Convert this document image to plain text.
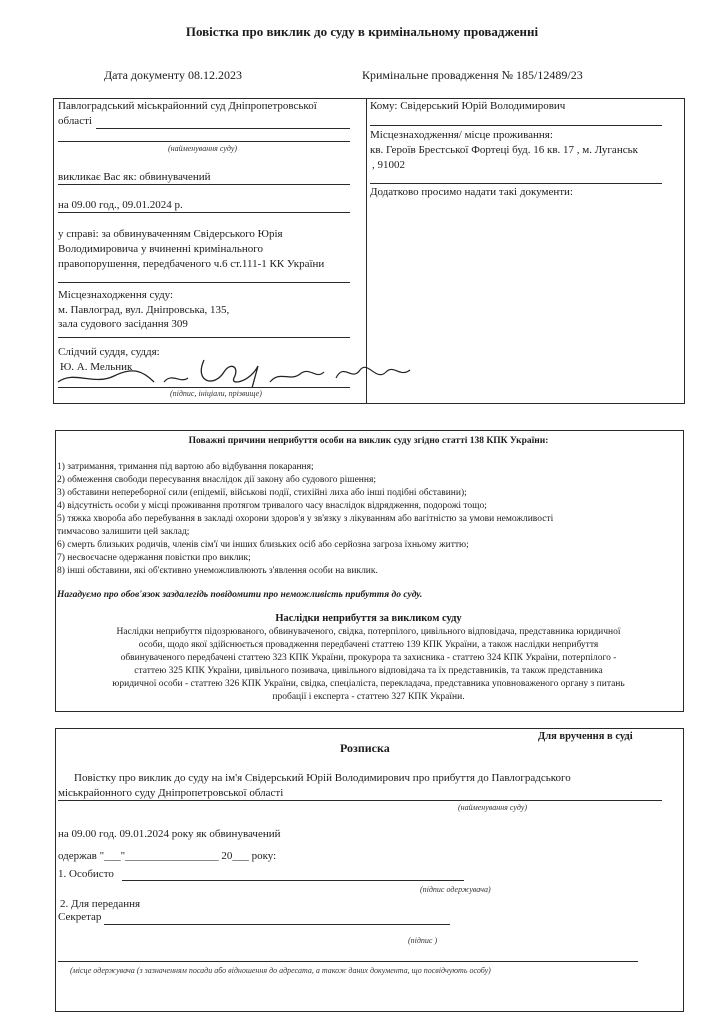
Повістка про виклик до суду в кримінальному провадженні
Дата документу 08.12.2023	Кримінальне провадження № 185/12489/23
Павлоградський міськрайонний суд Дніпропетровської
області
(найменування суду)
викликає Вас як: обвинувачений
на 09.00 год., 09.01.2024 р.
у справі: за обвинуваченням Свідерського Юрія
Володимировича у вчиненні кримінального
правопорушення, передбаченого ч.6 ст.111-1 КК України
Місцезнаходження суду:
м. Павлоград, вул. Дніпровська, 135,
зала судового засідання 309
Слідчий суддя, суддя:
Ю. А. Мельник
(підпис, ініціали, прізвище)
Кому: Свідерський Юрій Володимирович
Місцезнаходження/ місце проживання:
кв. Героїв Брестської Фортеці буд. 16 кв. 17 , м. Луганськ
, 91002
Додатково просимо надати такі документи:
Поважні причини неприбуття особи на виклик суду згідно статті 138 КПК України:
1) затримання, тримання під вартою або відбування покарання;
2) обмеження свободи пересування внаслідок дії закону або судового рішення;
3) обставини непереборної сили (епідемії, військові події, стихійні лиха або інші подібні обставини);
4) відсутність особи у місці проживання протягом тривалого часу внаслідок відрядження, подорожі тощо;
5) тяжка хвороба або перебування в закладі охорони здоров'я у зв'язку з лікуванням або вагітністю за умови неможливості
тимчасово залишити цей заклад;
6) смерть близьких родичів, членів сім'ї чи інших близьких осіб або серйозна загроза їхньому життю;
7) несвоєчасне одержання повістки про виклик;
8) інші обставини, які об'єктивно унеможливлюють з'явлення особи на виклик.
Нагадуємо про обов'язок заздалегідь повідомити про неможливість прибуття до суду.
Наслідки неприбуття за викликом суду
Наслідки неприбуття підозрюваного, обвинуваченого, свідка, потерпілого, цивільного відповідача, представника юридичної
особи, щодо якої здійснюється провадження передбачені статтею 139 КПК України, а також наслідки неприбуття
обвинуваченого передбачені статтею 323 КПК України, прокурора та захисника - статтею 324 КПК України, потерпілого -
статтею 325 КПК України, цивільного позивача, цивільного відповідача та їх представників, та також представника
юридичної особи - статтею 326 КПК України, свідка, спеціаліста, перекладача, представника уповноваженого органу з питань
пробації і експерта - статтею 327 КПК України.
Для вручення в суді
Розписка
Повістку про виклик до суду на ім'я Свідерський Юрій Володимирович про прибуття до Павлоградського
міськрайонного суду Дніпропетровської області
(найменування суду)
на 09.00 год. 09.01.2024 року як обвинувачений
одержав "___"_________________ 20___ року:
1. Особисто
(підпис одержувача)
2. Для передання
Секретар
(підпис )
(місце одержувача (з зазначенням посади або відношення до адресата, а також даних документа, що посвідчують особу)
